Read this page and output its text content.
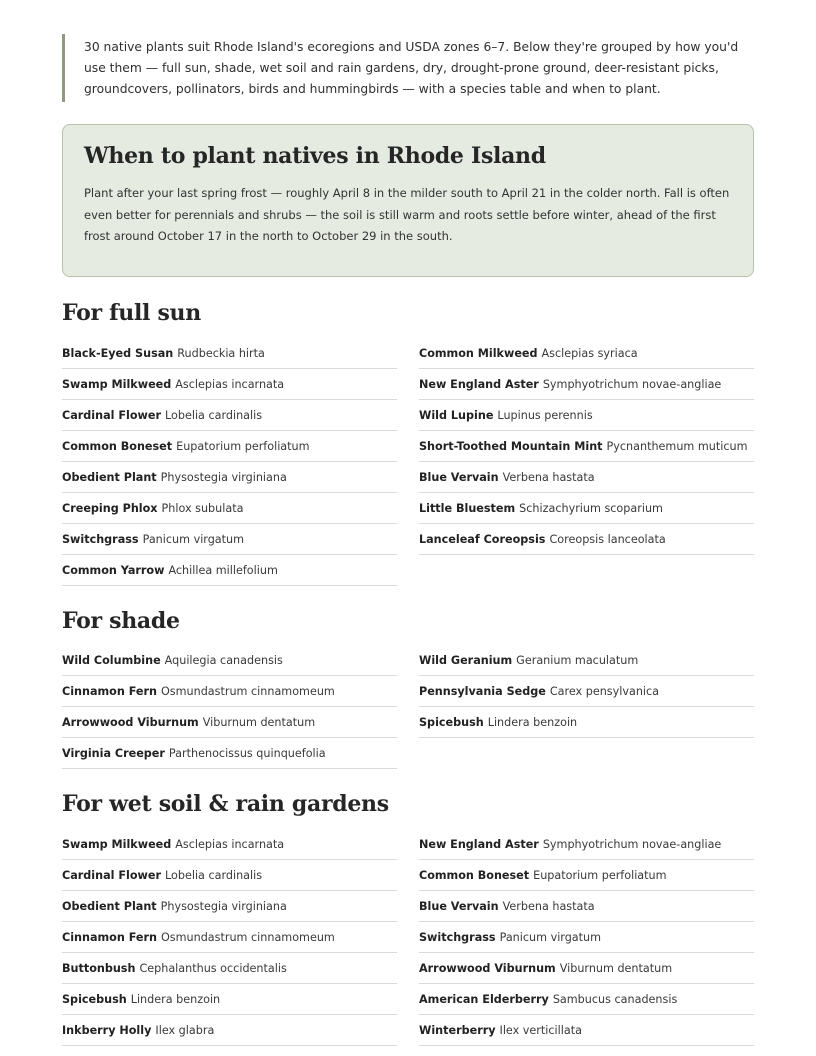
30 native plants suit Rhode Island's ecoregions and USDA zones 6–7. Below they're grouped by how you'd use them — full sun, shade, wet soil and rain gardens, dry, drought-prone ground, deer-resistant picks, groundcovers, pollinators, birds and hummingbirds — with a species table and when to plant.

When to plant natives in Rhode Island

Plant after your last spring frost — roughly April 8 in the milder south to April 21 in the colder north. Fall is often even better for perennials and shrubs — the soil is still warm and roots settle before winter, ahead of the first frost around October 17 in the north to October 29 in the south.

For full sun
Black-Eyed Susan Rudbeckia hirta
Swamp Milkweed Asclepias incarnata
Cardinal Flower Lobelia cardinalis
Common Boneset Eupatorium perfoliatum
Obedient Plant Physostegia virginiana
Creeping Phlox Phlox subulata
Switchgrass Panicum virgatum
Common Yarrow Achillea millefolium
Common Milkweed Asclepias syriaca
New England Aster Symphyotrichum novae-angliae
Wild Lupine Lupinus perennis
Short-Toothed Mountain Mint Pycnanthemum muticum
Blue Vervain Verbena hastata
Little Bluestem Schizachyrium scoparium
Lanceleaf Coreopsis Coreopsis lanceolata
For shade
Wild Columbine Aquilegia canadensis
Cinnamon Fern Osmundastrum cinnamomeum
Arrowwood Viburnum Viburnum dentatum
Virginia Creeper Parthenocissus quinquefolia
Wild Geranium Geranium maculatum
Pennsylvania Sedge Carex pensylvanica
Spicebush Lindera benzoin
For wet soil & rain gardens
Swamp Milkweed Asclepias incarnata
Cardinal Flower Lobelia cardinalis
Obedient Plant Physostegia virginiana
Cinnamon Fern Osmundastrum cinnamomeum
Buttonbush Cephalanthus occidentalis
Spicebush Lindera benzoin
Inkberry Holly Ilex glabra
New England Aster Symphyotrichum novae-angliae
Common Boneset Eupatorium perfoliatum
Blue Vervain Verbena hastata
Switchgrass Panicum virgatum
Arrowwood Viburnum Viburnum dentatum
American Elderberry Sambucus canadensis
Winterberry Ilex verticillata
